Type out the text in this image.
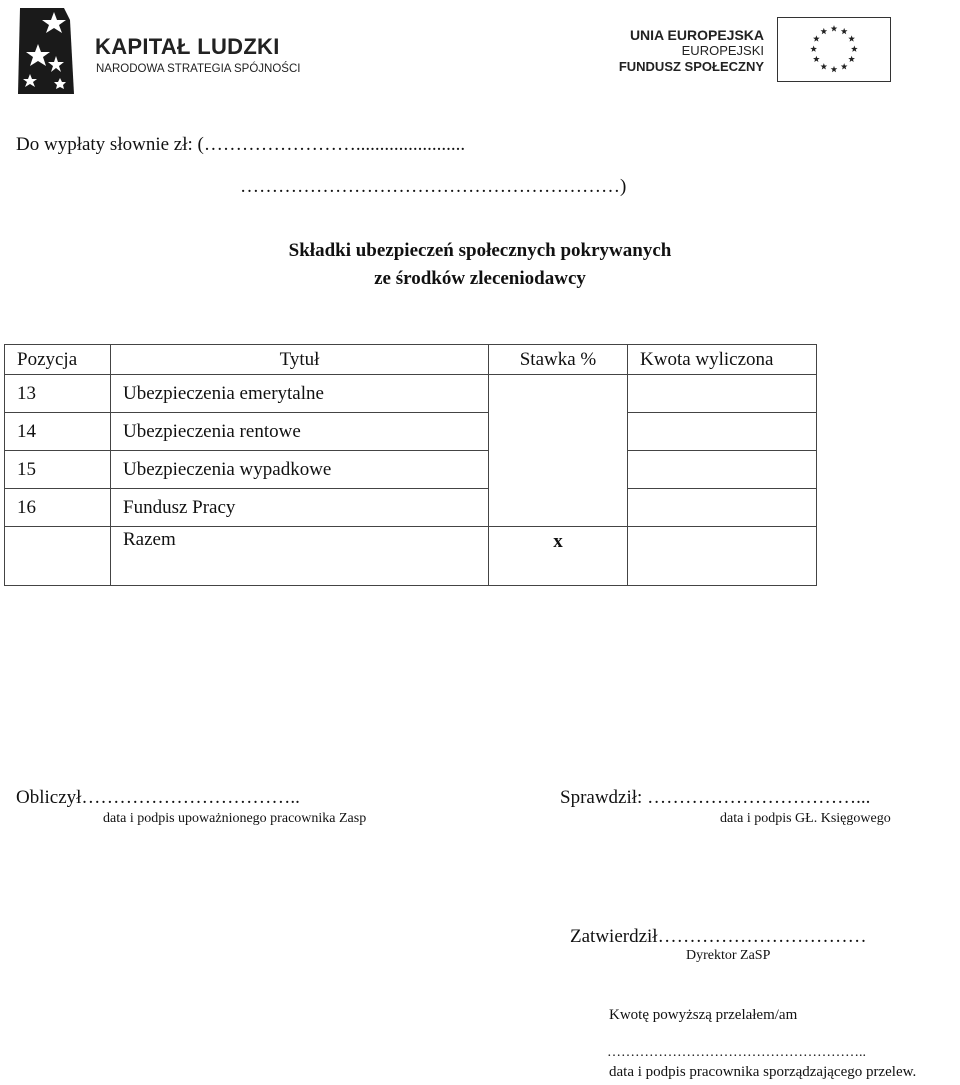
KAPITAŁ LUDZKI
NARODOWA STRATEGIA SPÓJNOŚCI
UNIA EUROPEJSKA
EUROPEJSKI
FUNDUSZ SPOŁECZNY
Do wypłaty słownie zł: (…………………….......................
……………………………………………………)
Składki ubezpieczeń społecznych pokrywanych
ze środków zleceniodawcy
Pozycja	Tytuł	Stawka %	Kwota wyliczona
13	Ubezpieczenia emerytalne		
14	Ubezpieczenia rentowe		
15	Ubezpieczenia wypadkowe		
16	Fundusz Pracy		
	Razem	x	
Obliczył……………………………..
data i podpis upoważnionego pracownika Zasp
Sprawdził: ……………………………...
data i podpis GŁ. Księgowego
Zatwierdził……………………………
Dyrektor ZaSP
Kwotę powyższą przelałem/am
………………………………………………..
data i podpis pracownika sporządzającego przelew.
